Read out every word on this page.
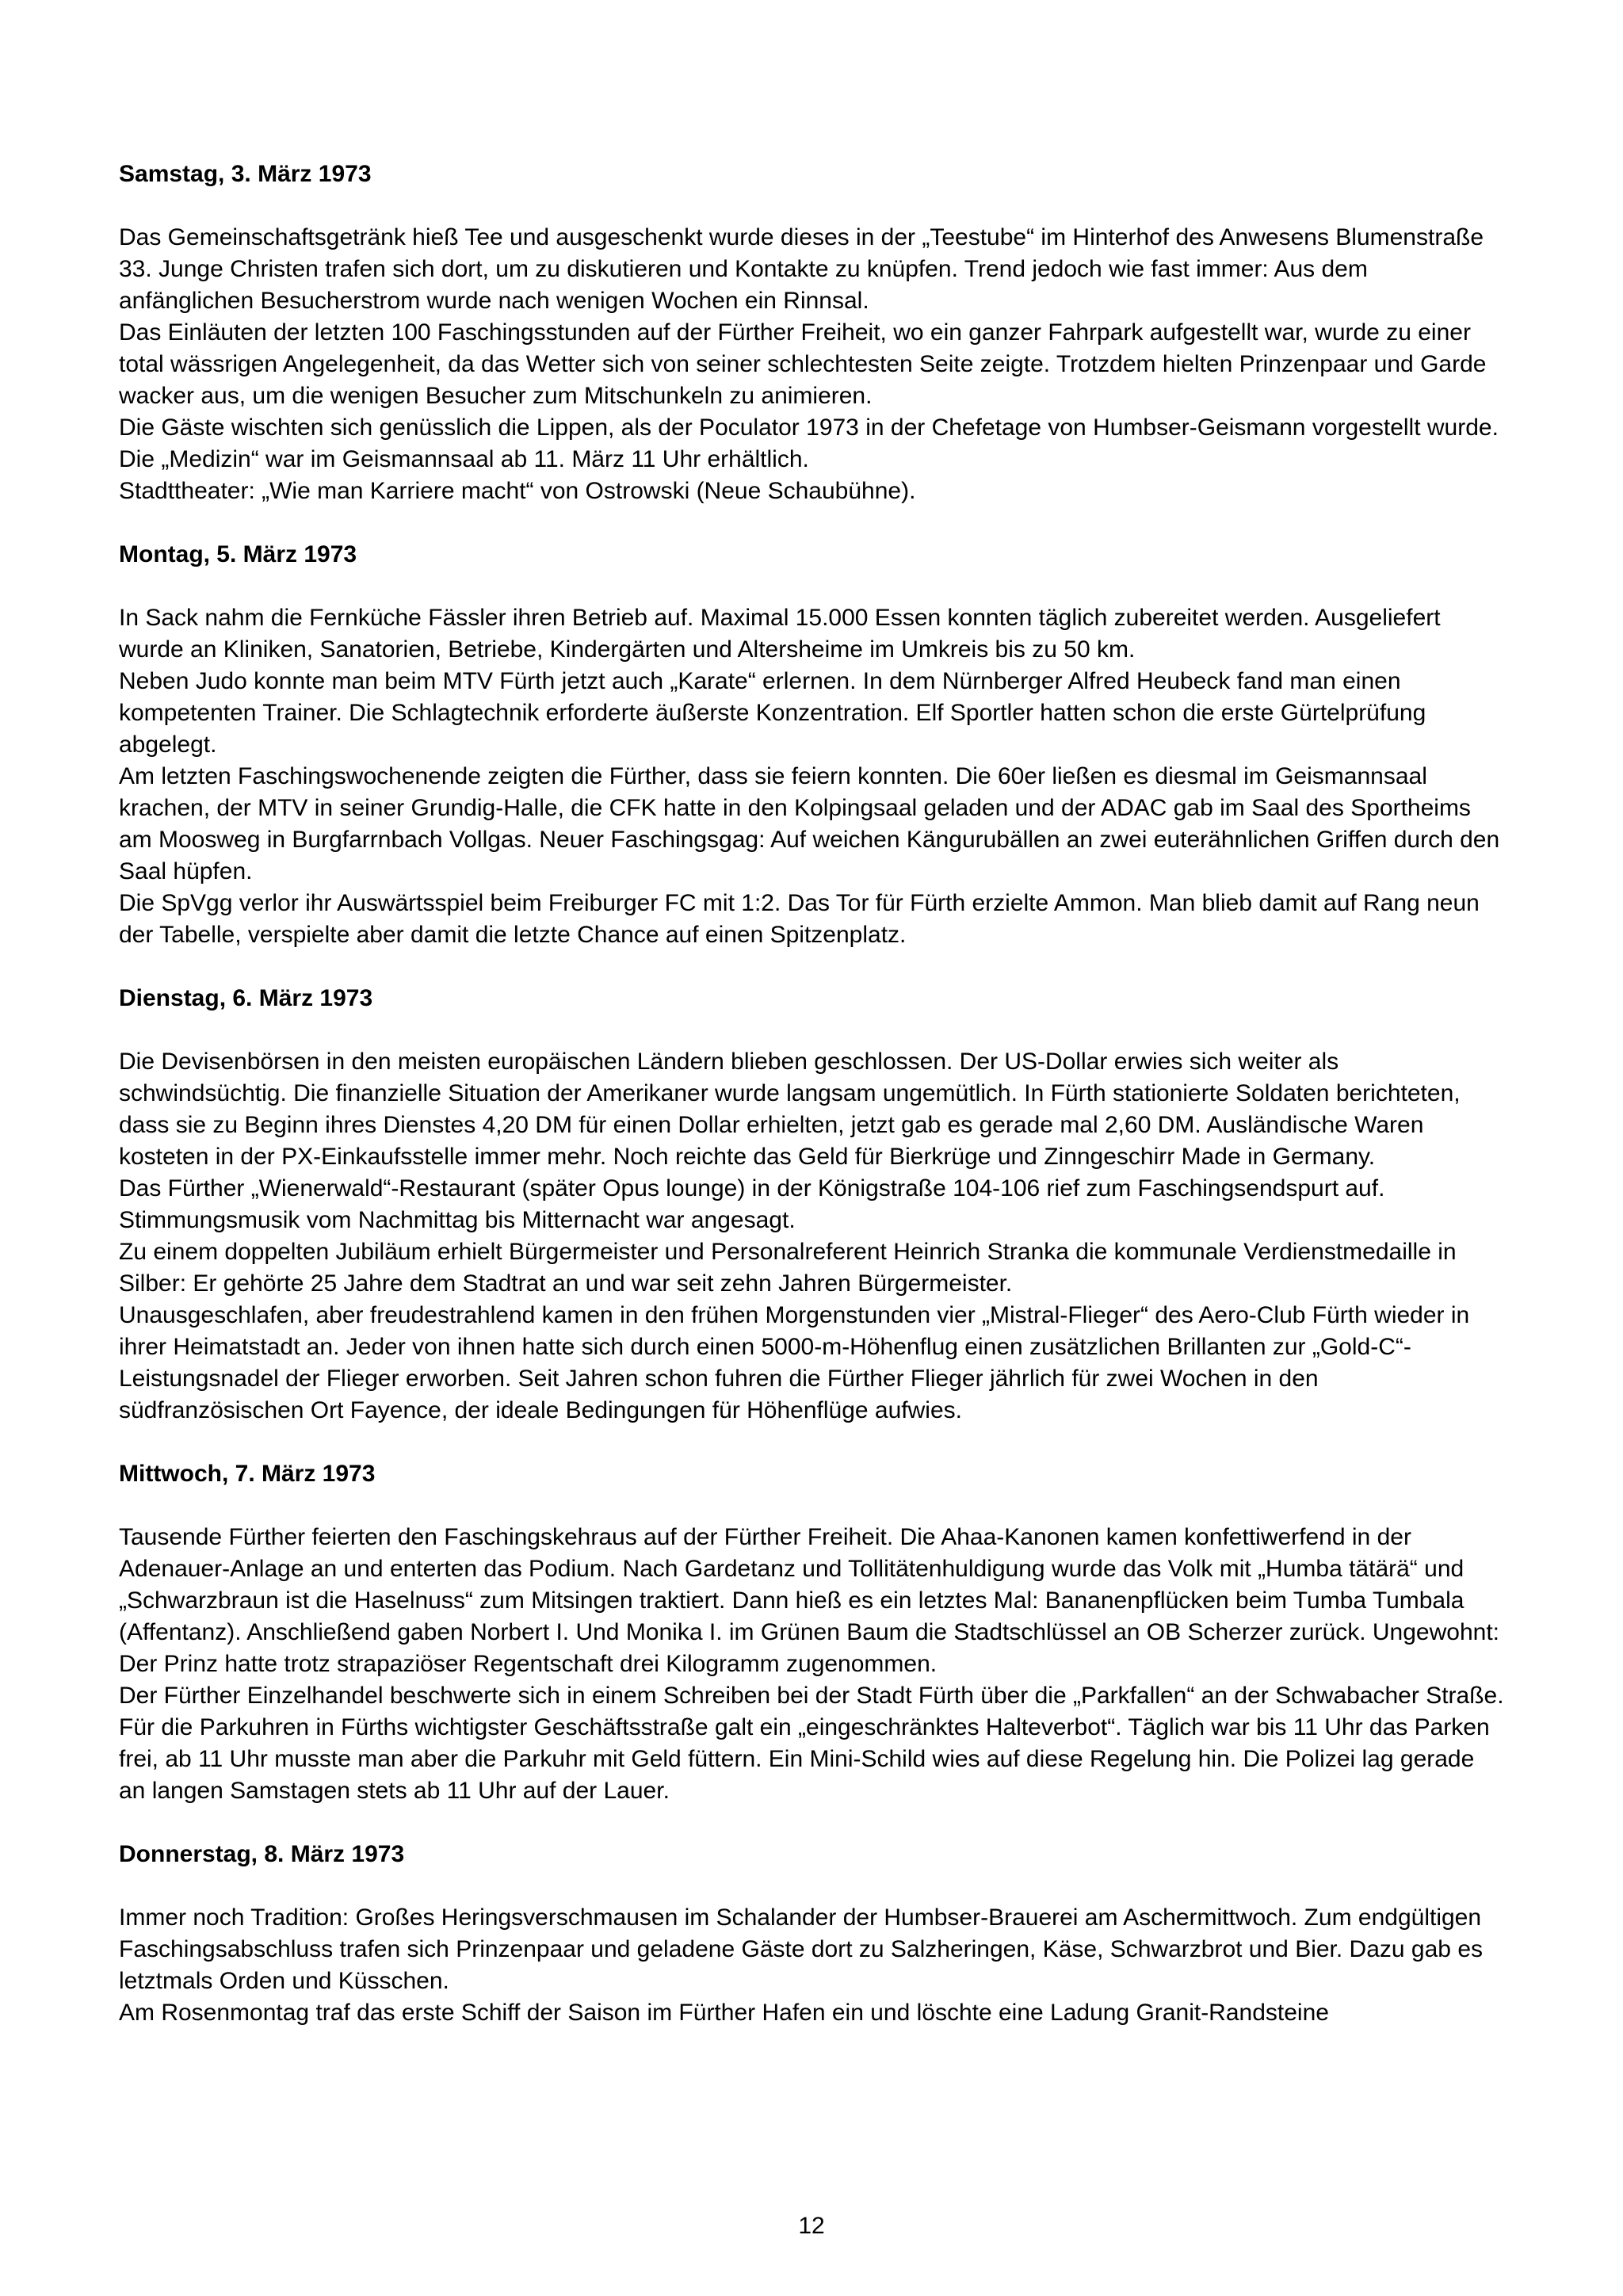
Samstag, 3. März 1973

Das Gemeinschaftsgetränk hieß Tee und ausgeschenkt wurde dieses in der „Teestube“ im Hinterhof des Anwesens Blumenstraße 33. Junge Christen trafen sich dort, um zu diskutieren und Kontakte zu knüpfen. Trend jedoch wie fast immer: Aus dem anfänglichen Besucherstrom wurde nach wenigen Wochen ein Rinnsal.

Das Einläuten der letzten 100 Faschingsstunden auf der Fürther Freiheit, wo ein ganzer Fahrpark aufgestellt war, wurde zu einer total wässrigen Angelegenheit, da das Wetter sich von seiner schlechtesten Seite zeigte. Trotzdem hielten Prinzenpaar und Garde wacker aus, um die wenigen Besucher zum Mitschunkeln zu animieren.

Die Gäste wischten sich genüsslich die Lippen, als der Poculator 1973 in der Chefetage von Humbser-Geismann vorgestellt wurde. Die „Medizin“ war im Geismannsaal ab 11. März 11 Uhr erhältlich.

Stadttheater: „Wie man Karriere macht“ von Ostrowski (Neue Schaubühne).

Montag, 5. März 1973

In Sack nahm die Fernküche Fässler ihren Betrieb auf. Maximal 15.000 Essen konnten täglich zubereitet werden. Ausgeliefert wurde an Kliniken, Sanatorien, Betriebe, Kindergärten und Altersheime im Umkreis bis zu 50 km.

Neben Judo konnte man beim MTV Fürth jetzt auch „Karate“ erlernen. In dem Nürnberger Alfred Heubeck fand man einen kompetenten Trainer. Die Schlagtechnik erforderte äußerste Konzentration. Elf Sportler hatten schon die erste Gürtelprüfung abgelegt.

Am letzten Faschingswochenende zeigten die Fürther, dass sie feiern konnten. Die 60er ließen es diesmal im Geismannsaal krachen, der MTV in seiner Grundig-Halle, die CFK hatte in den Kolpingsaal geladen und der ADAC gab im Saal des Sportheims am Moosweg in Burgfarrnbach Vollgas. Neuer Faschingsgag: Auf weichen Kängurubällen an zwei euterähnlichen Griffen durch den Saal hüpfen.

Die SpVgg verlor ihr Auswärtsspiel beim Freiburger FC mit 1:2. Das Tor für Fürth erzielte Ammon. Man blieb damit auf Rang neun der Tabelle, verspielte aber damit die letzte Chance auf einen Spitzenplatz.

Dienstag, 6. März 1973

Die Devisenbörsen in den meisten europäischen Ländern blieben geschlossen. Der US-Dollar erwies sich weiter als schwindsüchtig. Die finanzielle Situation der Amerikaner wurde langsam ungemütlich. In Fürth stationierte Soldaten berichteten, dass sie zu Beginn ihres Dienstes 4,20 DM für einen Dollar erhielten, jetzt gab es gerade mal 2,60 DM. Ausländische Waren kosteten in der PX-Einkaufsstelle immer mehr. Noch reichte das Geld für Bierkrüge und Zinngeschirr Made in Germany.

Das Fürther „Wienerwald“-Restaurant (später Opus lounge) in der Königstraße 104-106 rief zum Faschingsendspurt auf. Stimmungsmusik vom Nachmittag bis Mitternacht war angesagt.

Zu einem doppelten Jubiläum erhielt Bürgermeister und Personalreferent Heinrich Stranka die kommunale Verdienstmedaille in Silber: Er gehörte 25 Jahre dem Stadtrat an und war seit zehn Jahren Bürgermeister.

Unausgeschlafen, aber freudestrahlend kamen in den frühen Morgenstunden vier „Mistral-Flieger“ des Aero-Club Fürth wieder in ihrer Heimatstadt an. Jeder von ihnen hatte sich durch einen 5000-m-Höhenflug einen zusätzlichen Brillanten zur „Gold-C“-Leistungsnadel der Flieger erworben. Seit Jahren schon fuhren die Fürther Flieger jährlich für zwei Wochen in den südfranzösischen Ort Fayence, der ideale Bedingungen für Höhenflüge aufwies.

Mittwoch, 7. März 1973

Tausende Fürther feierten den Faschingskehraus auf der Fürther Freiheit. Die Ahaa-Kanonen kamen konfettiwerfend in der Adenauer-Anlage an und enterten das Podium. Nach Gardetanz und Tollitätenhuldigung wurde das Volk mit „Humba tätärä“ und „Schwarzbraun ist die Haselnuss“ zum Mitsingen traktiert. Dann hieß es ein letztes Mal: Bananenpflücken beim Tumba Tumbala (Affentanz). Anschließend gaben Norbert I. Und Monika I. im Grünen Baum die Stadtschlüssel an OB Scherzer zurück. Ungewohnt: Der Prinz hatte trotz strapaziöser Regentschaft drei Kilogramm zugenommen.

Der Fürther Einzelhandel beschwerte sich in einem Schreiben bei der Stadt Fürth über die „Parkfallen“ an der Schwabacher Straße. Für die Parkuhren in Fürths wichtigster Geschäftsstraße galt ein „eingeschränktes Halteverbot“. Täglich war bis 11 Uhr das Parken frei, ab 11 Uhr musste man aber die Parkuhr mit Geld füttern. Ein Mini-Schild wies auf diese Regelung hin. Die Polizei lag gerade an langen Samstagen stets ab 11 Uhr auf der Lauer.

Donnerstag, 8. März 1973

Immer noch Tradition: Großes Heringsverschmausen im Schalander der Humbser-Brauerei am Aschermittwoch. Zum endgültigen Faschingsabschluss trafen sich Prinzenpaar und geladene Gäste dort zu Salzheringen, Käse, Schwarzbrot und Bier. Dazu gab es letztmals Orden und Küsschen.

Am Rosenmontag traf das erste Schiff der Saison im Fürther Hafen ein und löschte eine Ladung Granit-Randsteine

12
